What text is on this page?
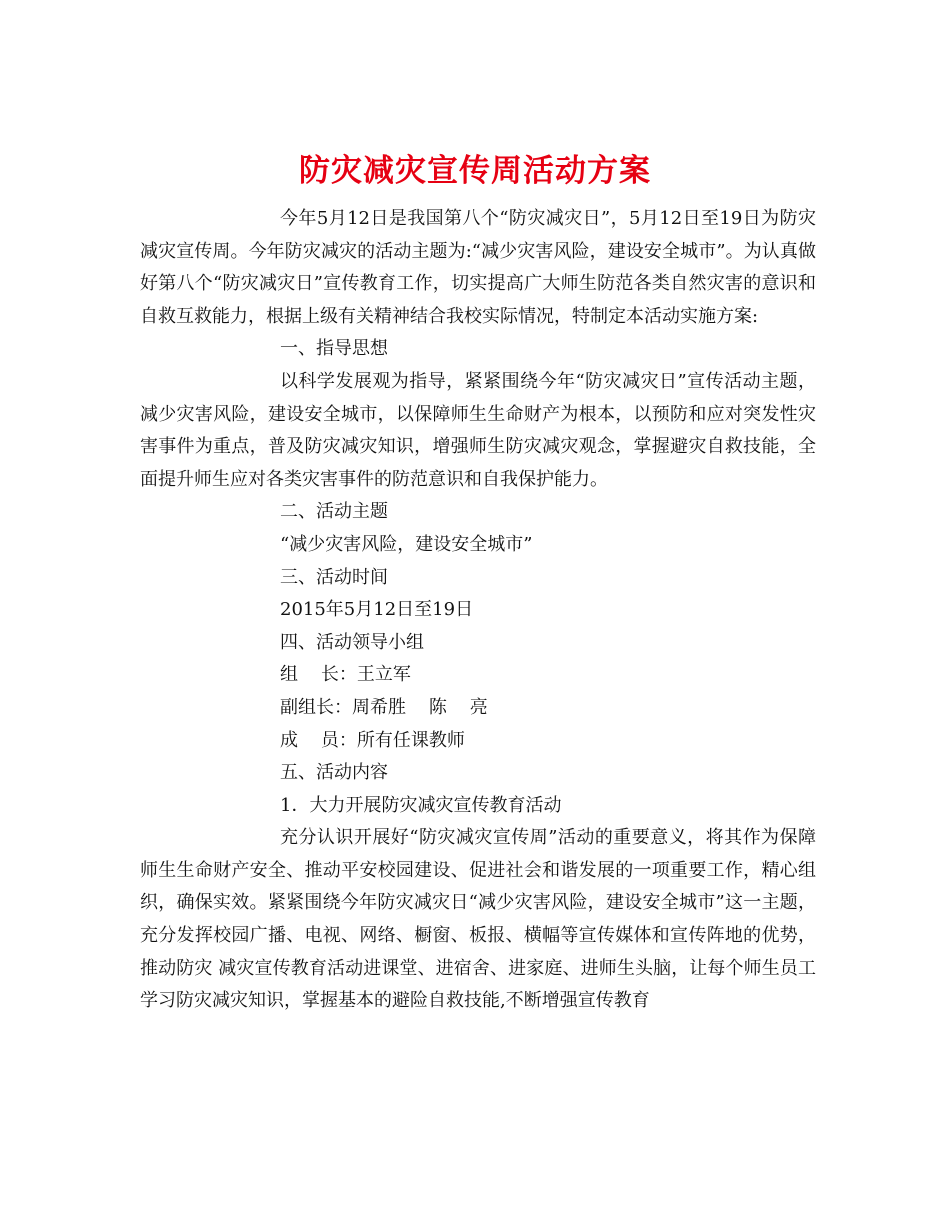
防灾减灾宣传周活动方案

今年5月12日是我国第八个“防灾减灾日”，5月12日至19日为防灾减灾宣传周。今年防灾减灾的活动主题为:“减少灾害风险，建设安全城市”。为认真做好第八个“防灾减灾日”宣传教育工作，切实提高广大师生防范各类自然灾害的意识和自救互救能力，根据上级有关精神结合我校实际情况，特制定本活动实施方案:

一、指导思想

以科学发展观为指导，紧紧围绕今年“防灾减灾日”宣传活动主题，减少灾害风险，建设安全城市，以保障师生生命财产为根本，以预防和应对突发性灾害事件为重点，普及防灾减灾知识，增强师生防灾减灾观念，掌握避灾自救技能，全面提升师生应对各类灾害事件的防范意识和自我保护能力。

二、活动主题

“减少灾害风险，建设安全城市”

三、活动时间

2015年5月12日至19日

四、活动领导小组

组    长：王立军

副组长：周希胜    陈    亮

成    员：所有任课教师

五、活动内容

1．大力开展防灾减灾宣传教育活动

充分认识开展好“防灾减灾宣传周”活动的重要意义，将其作为保障师生生命财产安全、推动平安校园建设、促进社会和谐发展的一项重要工作，精心组织，确保实效。紧紧围绕今年防灾减灾日“减少灾害风险，建设安全城市”这一主题，充分发挥校园广播、电视、网络、橱窗、板报、横幅等宣传媒体和宣传阵地的优势，推动防灾 减灾宣传教育活动进课堂、进宿舍、进家庭、进师生头脑，让每个师生员工学习防灾减灾知识，掌握基本的避险自救技能,不断增强宣传教育
